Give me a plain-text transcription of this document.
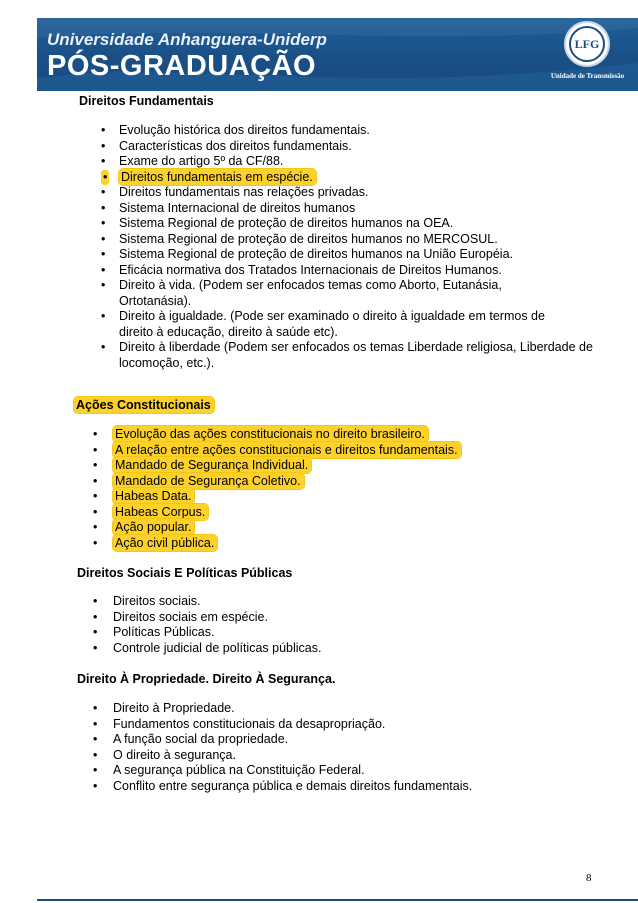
Universidade Anhanguera-Uniderp
PÓS-GRADUAÇÃO
LFG
Unidade de Transmissão
Direitos Fundamentais
• Evolução histórica dos direitos fundamentais.
• Características dos direitos fundamentais.
• Exame do artigo 5º da CF/88.
• Direitos fundamentais em espécie.
• Direitos fundamentais nas relações privadas.
• Sistema Internacional de direitos humanos
• Sistema Regional de proteção de direitos humanos na OEA.
• Sistema Regional de proteção de direitos humanos no MERCOSUL.
• Sistema Regional de proteção de direitos humanos na União Européia.
• Eficácia normativa dos Tratados Internacionais de Direitos Humanos.
• Direito à vida. (Podem ser enfocados temas como Aborto, Eutanásia, Ortotanásia).
• Direito à igualdade. (Pode ser examinado o direito à igualdade em termos de direito à educação, direito à saúde etc).
• Direito à liberdade (Podem ser enfocados os temas Liberdade religiosa, Liberdade de locomoção, etc.).
Ações Constitucionais
• Evolução das ações constitucionais no direito brasileiro.
• A relação entre ações constitucionais e direitos fundamentais.
• Mandado de Segurança Individual.
• Mandado de Segurança Coletivo.
• Habeas Data.
• Habeas Corpus.
• Ação popular.
• Ação civil pública.
Direitos Sociais E Políticas Públicas
• Direitos sociais.
• Direitos sociais em espécie.
• Políticas Públicas.
• Controle judicial de políticas públicas.
Direito À Propriedade. Direito À Segurança.
• Direito à Propriedade.
• Fundamentos constitucionais da desapropriação.
• A função social da propriedade.
• O direito à segurança.
• A segurança pública na Constituição Federal.
• Conflito entre segurança pública e demais direitos fundamentais.
8
